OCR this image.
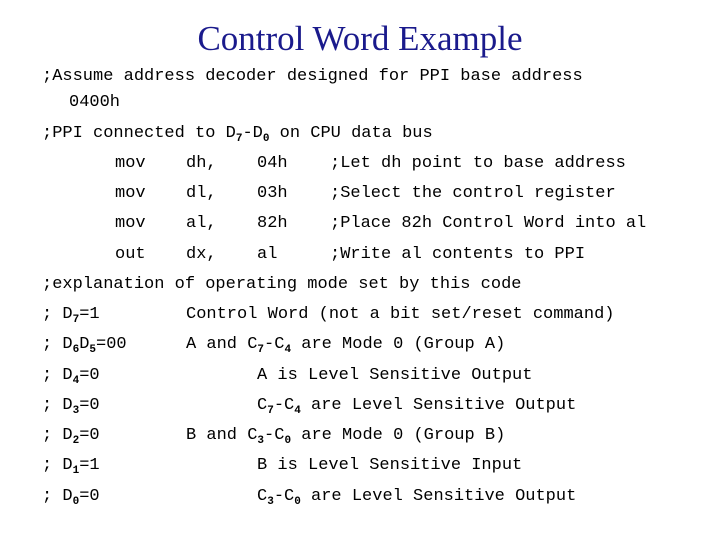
Control Word Example
;Assume address decoder designed for PPI base address
0400h
;PPI connected to $D_7-D_0$ on CPU data bus
mov dh, 04h ;Let dh point to base address
mov dl, 03h ;Select the control register
mov al, 82h ;Place 82h Control Word into al
out dx, al	;Write al contents to PPI
;explanation of operating mode set by this code
; $D_7=1$	Control Word (not a bit set/reset command)
; $D_6D_5=00$	A and $C_7-C_4$ are Mode 0 (Group A)
; $D_4=0$	A is Level Sensitive Output
; $D_3=0$	$C_7-C_4$ are Level Sensitive Output
; $D_2=0$	B and $C_3-C_0$ are Mode 0 (Group B)
; $D_1=1$	B is Level Sensitive Input
; $D_0=0$	$C_3-C_0$ are Level Sensitive Output
